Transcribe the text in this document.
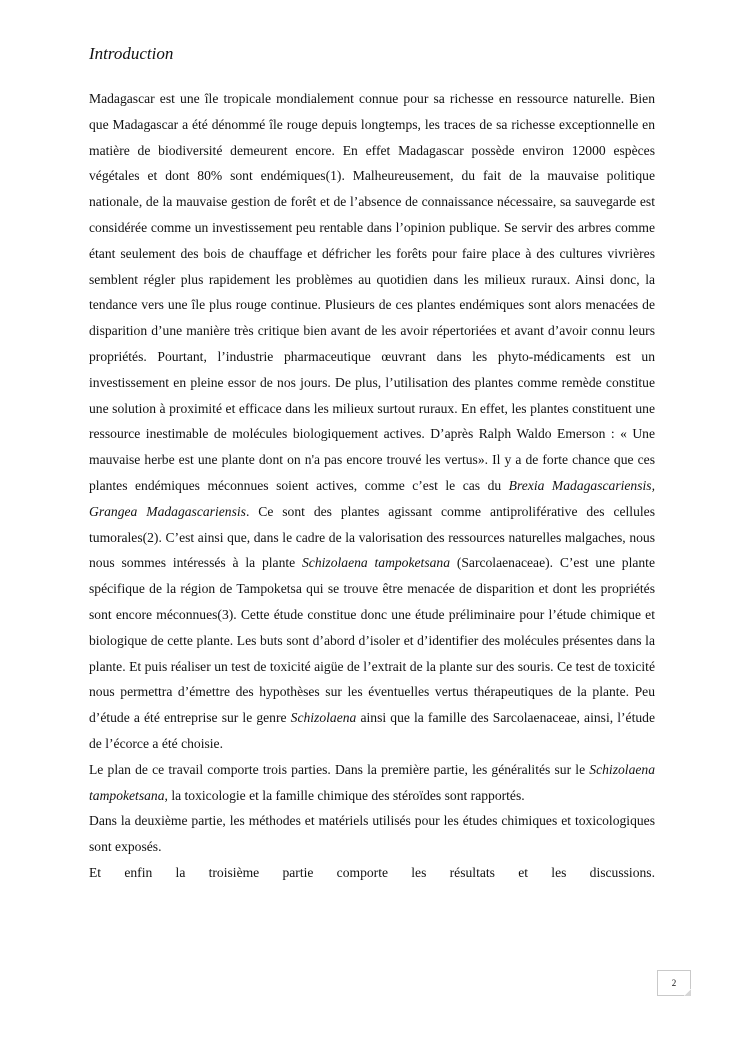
Introduction

Madagascar est une île tropicale mondialement connue pour sa richesse en ressource naturelle. Bien que Madagascar a été dénommé île rouge depuis longtemps, les traces de sa richesse exceptionnelle en matière de biodiversité demeurent encore. En effet Madagascar possède environ 12000 espèces végétales et dont 80% sont endémiques(1). Malheureusement, du fait de la mauvaise politique nationale, de la mauvaise gestion de forêt et de l’absence de connaissance nécessaire, sa sauvegarde est considérée comme un investissement peu rentable dans l’opinion publique. Se servir des arbres comme étant seulement des bois de chauffage et défricher les forêts pour faire place à des cultures vivrières semblent régler plus rapidement les problèmes au quotidien dans les milieux ruraux. Ainsi donc, la tendance vers une île plus rouge continue. Plusieurs de ces plantes endémiques sont alors menacées de disparition d’une manière très critique bien avant de les avoir répertoriées et avant d’avoir connu leurs propriétés. Pourtant, l’industrie pharmaceutique œuvrant dans les phyto-médicaments est un investissement en pleine essor de nos jours. De plus, l’utilisation des plantes comme remède constitue une solution à proximité et efficace dans les milieux surtout ruraux. En effet, les plantes constituent une ressource inestimable de molécules biologiquement actives. D’après Ralph Waldo Emerson : « Une mauvaise herbe est une plante dont on n'a pas encore trouvé les vertus». Il y a de forte chance que ces plantes endémiques méconnues soient actives, comme c’est le cas du Brexia Madagascariensis, Grangea Madagascariensis. Ce sont des plantes agissant comme antiproliférative des cellules tumorales(2). C’est ainsi que, dans le cadre de la valorisation des ressources naturelles malgaches, nous nous sommes intéressés à la plante Schizolaena tampoketsana (Sarcolaenaceae). C’est une plante spécifique de la région de Tampoketsa qui se trouve être menacée de disparition et dont les propriétés sont encore méconnues(3). Cette étude constitue donc une étude préliminaire pour l’étude chimique et biologique de cette plante. Les buts sont d’abord d’isoler et d’identifier des molécules présentes dans la plante. Et puis réaliser un test de toxicité aigüe de l’extrait de la plante sur des souris. Ce test de toxicité nous permettra d’émettre des hypothèses sur les éventuelles vertus thérapeutiques de la plante. Peu d’étude a été entreprise sur le genre Schizolaena ainsi que la famille des Sarcolaenaceae, ainsi, l’étude de l’écorce a été choisie.

Le plan de ce travail comporte trois parties. Dans la première partie, les généralités sur le Schizolaena tampoketsana, la toxicologie et la famille chimique des stéroïdes sont rapportés.

Dans la deuxième partie, les méthodes et matériels utilisés pour les études chimiques et toxicologiques sont exposés.

Et enfin la troisième partie comporte les résultats et les discussions.

2
